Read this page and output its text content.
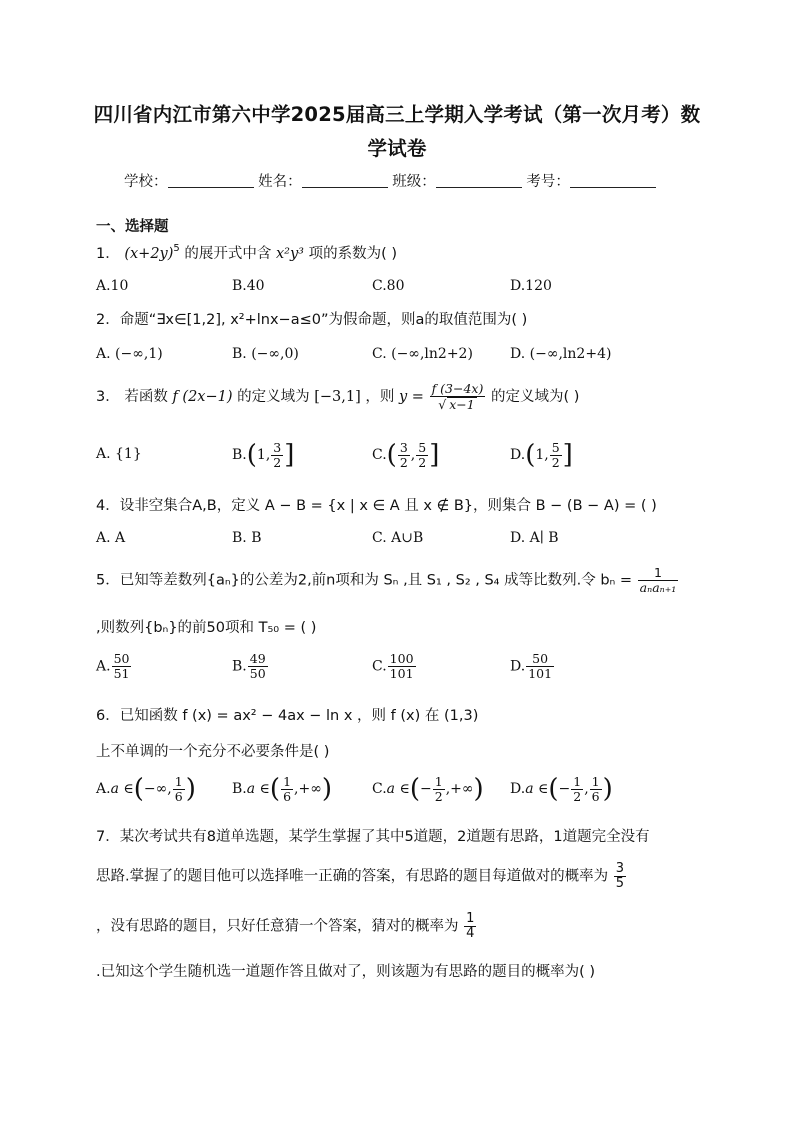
四川省内江市第六中学2025届高三上学期入学考试（第一次月考）数
学试卷
学校：	姓名：	班级：	考号：
一、选择题
1． $(x+2y)^5$ 的展开式中含 x²y³ 项的系数为( )
A.10	B.40	C.80	D.120
2．命题“∃x∈[1,2], x²+lnx−a≤0”为假命题，则a的取值范围为( )
A. (−∞,1)	B. (−∞,0)	C. (−∞,ln2+2)	D. (−∞,ln2+4)
3． 若函数 f (2x−1) 的定义域为 [−3,1] ，则 $y = \frac{f (3-4x)}{√ x-1}$ 的定义域为( )
A. {1}	B.(1, $\frac{3}{2}$ ]	$C.( \frac{3}{2}$ , $\frac{5}{2}$ ]	D.(1, $\frac{5}{2}$ ]
4．设非空集合A,B，定义 A − B = {x | x ∈ A 且 x ∉ B}，则集合 B − (B − A) = ( )
A. A	B. B	C. A∪B	D. A∣ B
5．已知等差数列{aₙ}的公差为2,前n项和为 Sₙ ,且 S₁ , S₂ , S₄ 成等比数列.令 $b_n = \frac{1}{\text{aₙaₙ₊₁}}$
,则数列{bₙ}的前50项和 T₅₀ = ( )
A. $\frac{50}{51}$	B. $\frac{49}{50}$	C. $\frac{100}{101}$	D. $\frac{50}{101}$
6．已知函数 f (x) = ax² − 4ax − ln x ，则 f (x) 在 (1,3)
上不单调的一个充分不必要条件是( )
A.a ∈(−∞, $\frac{1}{6}$ )	B.a ∈( $\frac{1}{6}$ ,+∞)	C.a ∈(− $\frac{1}{2}$ ,+∞) D.a ∈(− $\frac{1}{2}$ , $\frac{1}{6}$ )
7．某次考试共有8道单选题，某学生掌握了其中5道题，2道题有思路，1道题完全没有
思路.掌握了的题目他可以选择唯一正确的答案，有思路的题目每道做对的概率为 $\frac{3}{5}$
，没有思路的题目，只好任意猜一个答案，猜对的概率为 $\frac{1}{4}$
.已知这个学生随机选一道题作答且做对了，则该题为有思路的题目的概率为( )
